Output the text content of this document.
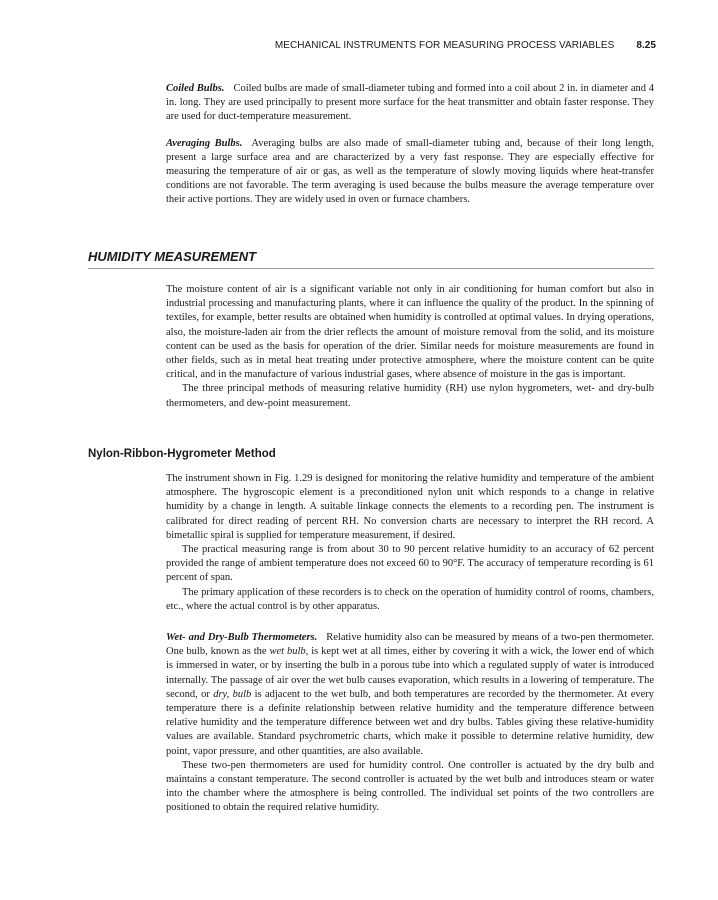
MECHANICAL INSTRUMENTS FOR MEASURING PROCESS VARIABLES 8.25

Coiled Bulbs. Coiled bulbs are made of small-diameter tubing and formed into a coil about 2 in. in diameter and 4 in. long. They are used principally to present more surface for the heat transmitter and obtain faster response. They are used for duct-temperature measurement.

Averaging Bulbs. Averaging bulbs are also made of small-diameter tubing and, because of their long length, present a large surface area and are characterized by a very fast response. They are especially effective for measuring the temperature of air or gas, as well as the temperature of slowly moving liquids where heat-transfer conditions are not favorable. The term averaging is used because the bulbs measure the average temperature over their active portions. They are widely used in oven or furnace chambers.

HUMIDITY MEASUREMENT

The moisture content of air is a significant variable not only in air conditioning for human comfort but also in industrial processing and manufacturing plants, where it can influence the quality of the product. In the spinning of textiles, for example, better results are obtained when humidity is controlled at optimal values. In drying operations, also, the moisture-laden air from the drier reflects the amount of moisture removal from the solid, and its moisture content can be used as the basis for operation of the drier. Similar needs for moisture measurements are found in other fields, such as in metal heat treating under protective atmosphere, where the moisture content can be quite critical, and in the manufacture of various industrial gases, where absence of moisture in the gas is important.

The three principal methods of measuring relative humidity (RH) use nylon hygrometers, wet- and dry-bulb thermometers, and dew-point measurement.

Nylon-Ribbon-Hygrometer Method

The instrument shown in Fig. 1.29 is designed for monitoring the relative humidity and temperature of the ambient atmosphere. The hygroscopic element is a preconditioned nylon unit which responds to a change in relative humidity by a change in length. A suitable linkage connects the elements to a recording pen. The instrument is calibrated for direct reading of percent RH. No conversion charts are necessary to interpret the RH record. A bimetallic spiral is supplied for temperature measurement, if desired.

The practical measuring range is from about 30 to 90 percent relative humidity to an accuracy of 62 percent provided the range of ambient temperature does not exceed 60 to 90°F. The accuracy of temperature recording is 61 percent of span.

The primary application of these recorders is to check on the operation of humidity control of rooms, chambers, etc., where the actual control is by other apparatus.

Wet- and Dry-Bulb Thermometers. Relative humidity also can be measured by means of a two-pen thermometer. One bulb, known as the wet bulb, is kept wet at all times, either by covering it with a wick, the lower end of which is immersed in water, or by inserting the bulb in a porous tube into which a regulated supply of water is introduced internally. The passage of air over the wet bulb causes evaporation, which results in a lowering of temperature. The second, or dry, bulb is adjacent to the wet bulb, and both temperatures are recorded by the thermometer. At every temperature there is a definite relationship between relative humidity and the temperature difference between relative humidity and the temperature difference between wet and dry bulbs. Tables giving these relative-humidity values are available. Standard psychrometric charts, which make it possible to determine relative humidity, dew point, vapor pressure, and other quantities, are also available.

These two-pen thermometers are used for humidity control. One controller is actuated by the dry bulb and maintains a constant temperature. The second controller is actuated by the wet bulb and introduces steam or water into the chamber where the atmosphere is being controlled. The individual set points of the two controllers are positioned to obtain the required relative humidity.
